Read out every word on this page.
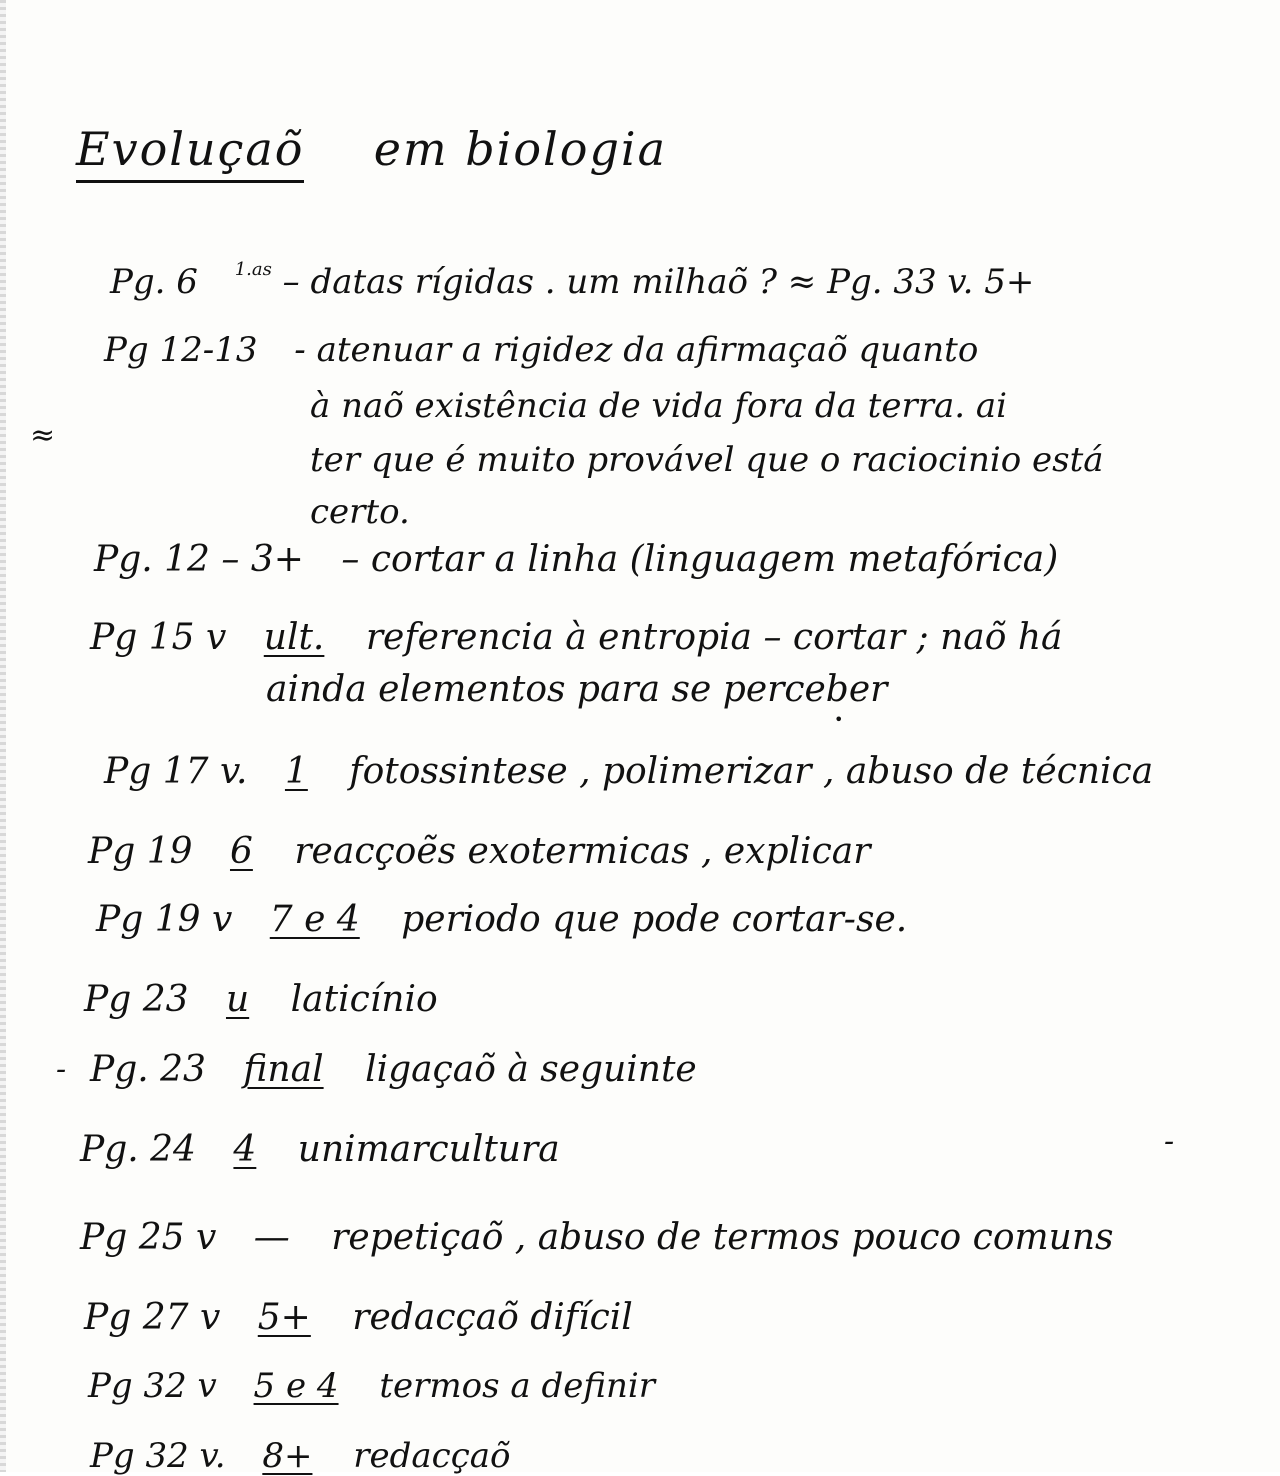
Evoluçaõ em biologia
≈
-
•
-
Pg. 6 $^{1.as}$ – datas rígidas . um milhaõ ? ≈ Pg. 33 v. 5+
Pg 12-13 - atenuar a rigidez da afirmaçaõ quanto
à naõ existência de vida fora da terra. ai
ter que é muito provável que o raciocinio está
certo.
Pg. 12 – 3+ – cortar a linha (linguagem metafórica)
Pg 15 v ult. referencia à entropia – cortar ; naõ há
ainda elementos para se perceber
Pg 17 v. 1 fotossintese , polimerizar , abuso de técnica
Pg 19 6 reacçoẽs exotermicas , explicar
Pg 19 v 7 e 4 periodo que pode cortar-se.
Pg 23 u laticínio
Pg. 23 final ligaçaõ à seguinte
Pg. 24 4 unimarcultura
Pg 25 v — repetiçaõ , abuso de termos pouco comuns
Pg 27 v 5+ redacçaõ difícil
Pg 32 v 5 e 4 termos a definir
Pg 32 v. 8+ redacçaõ
